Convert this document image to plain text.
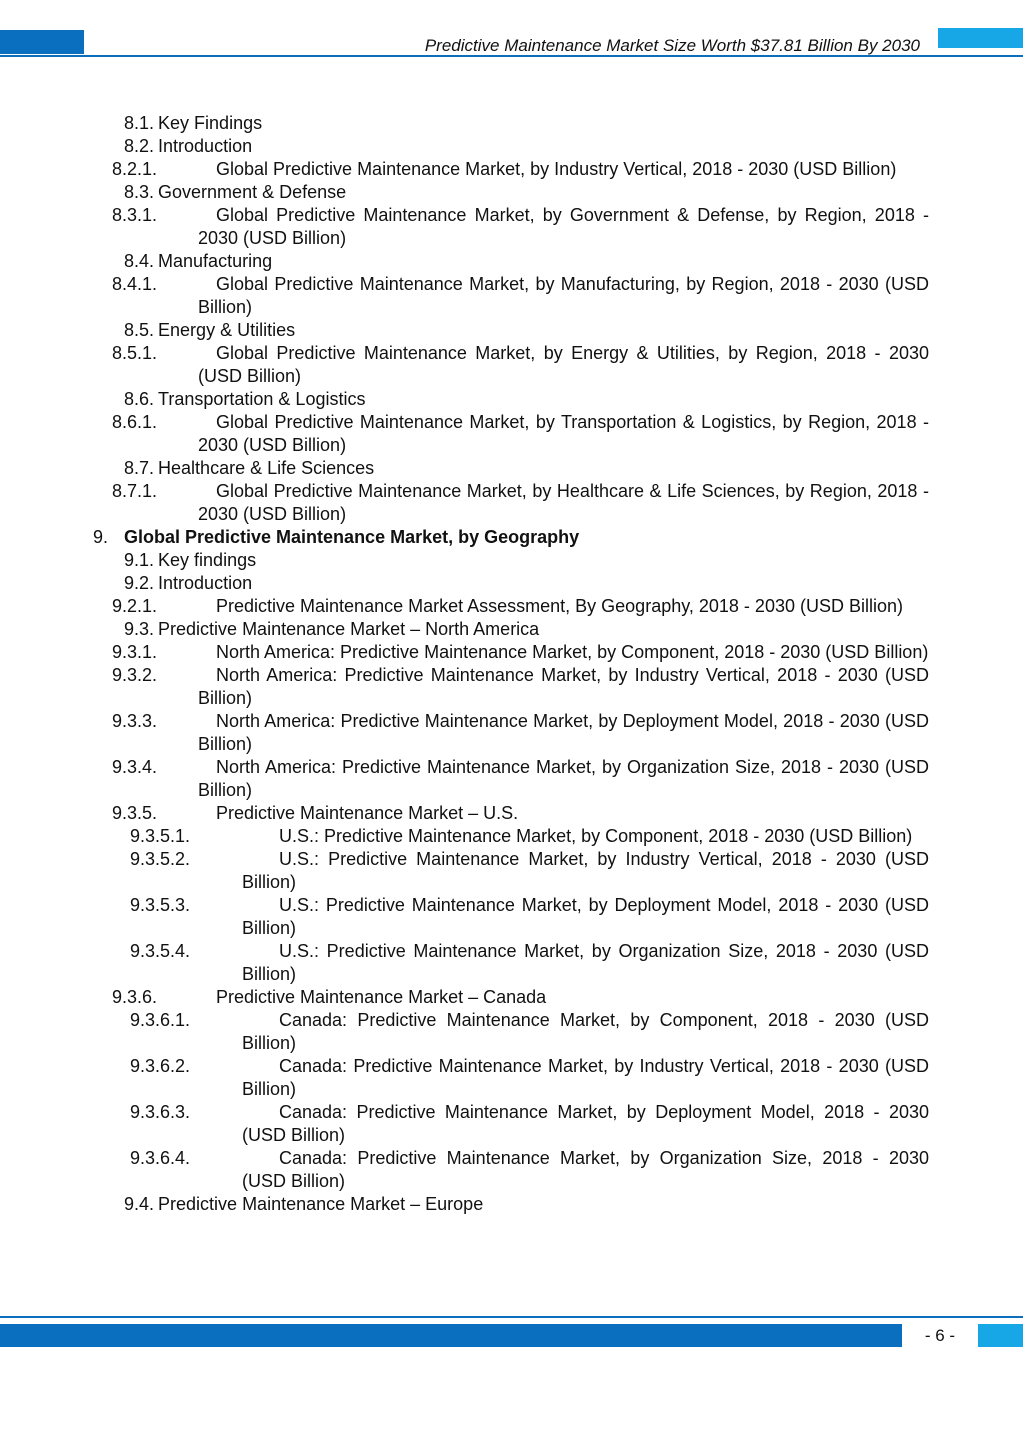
Predictive Maintenance Market Size Worth $37.81 Billion By 2030
8.1. Key Findings
8.2. Introduction
8.2.1.	Global Predictive Maintenance Market, by Industry Vertical, 2018 - 2030 (USD Billion)
8.3. Government & Defense
8.3.1.	Global Predictive Maintenance Market, by Government & Defense, by Region, 2018 - 2030 (USD Billion)
8.4. Manufacturing
8.4.1.	Global Predictive Maintenance Market, by Manufacturing, by Region, 2018 - 2030 (USD Billion)
8.5. Energy & Utilities
8.5.1.	Global Predictive Maintenance Market, by Energy & Utilities, by Region, 2018 - 2030 (USD Billion)
8.6. Transportation & Logistics
8.6.1.	Global Predictive Maintenance Market, by Transportation & Logistics, by Region, 2018 - 2030 (USD Billion)
8.7. Healthcare & Life Sciences
8.7.1.	Global Predictive Maintenance Market, by Healthcare & Life Sciences, by Region, 2018 - 2030 (USD Billion)
9. Global Predictive Maintenance Market, by Geography
9.1. Key findings
9.2. Introduction
9.2.1.	Predictive Maintenance Market Assessment, By Geography, 2018 - 2030 (USD Billion)
9.3. Predictive Maintenance Market – North America
9.3.1.	North America: Predictive Maintenance Market, by Component, 2018 - 2030 (USD Billion)
9.3.2.	North America: Predictive Maintenance Market, by Industry Vertical, 2018 - 2030 (USD Billion)
9.3.3.	North America: Predictive Maintenance Market, by Deployment Model, 2018 - 2030 (USD Billion)
9.3.4.	North America: Predictive Maintenance Market, by Organization Size, 2018 - 2030 (USD Billion)
9.3.5.	Predictive Maintenance Market – U.S.
9.3.5.1.	U.S.: Predictive Maintenance Market, by Component, 2018 - 2030 (USD Billion)
9.3.5.2.	U.S.: Predictive Maintenance Market, by Industry Vertical, 2018 - 2030 (USD Billion)
9.3.5.3.	U.S.: Predictive Maintenance Market, by Deployment Model, 2018 - 2030 (USD Billion)
9.3.5.4.	U.S.: Predictive Maintenance Market, by Organization Size, 2018 - 2030 (USD Billion)
9.3.6.	Predictive Maintenance Market – Canada
9.3.6.1.	Canada: Predictive Maintenance Market, by Component, 2018 - 2030 (USD Billion)
9.3.6.2.	Canada: Predictive Maintenance Market, by Industry Vertical, 2018 - 2030 (USD Billion)
9.3.6.3.	Canada: Predictive Maintenance Market, by Deployment Model, 2018 - 2030 (USD Billion)
9.3.6.4.	Canada: Predictive Maintenance Market, by Organization Size, 2018 - 2030 (USD Billion)
9.4. Predictive Maintenance Market – Europe
- 6 -
